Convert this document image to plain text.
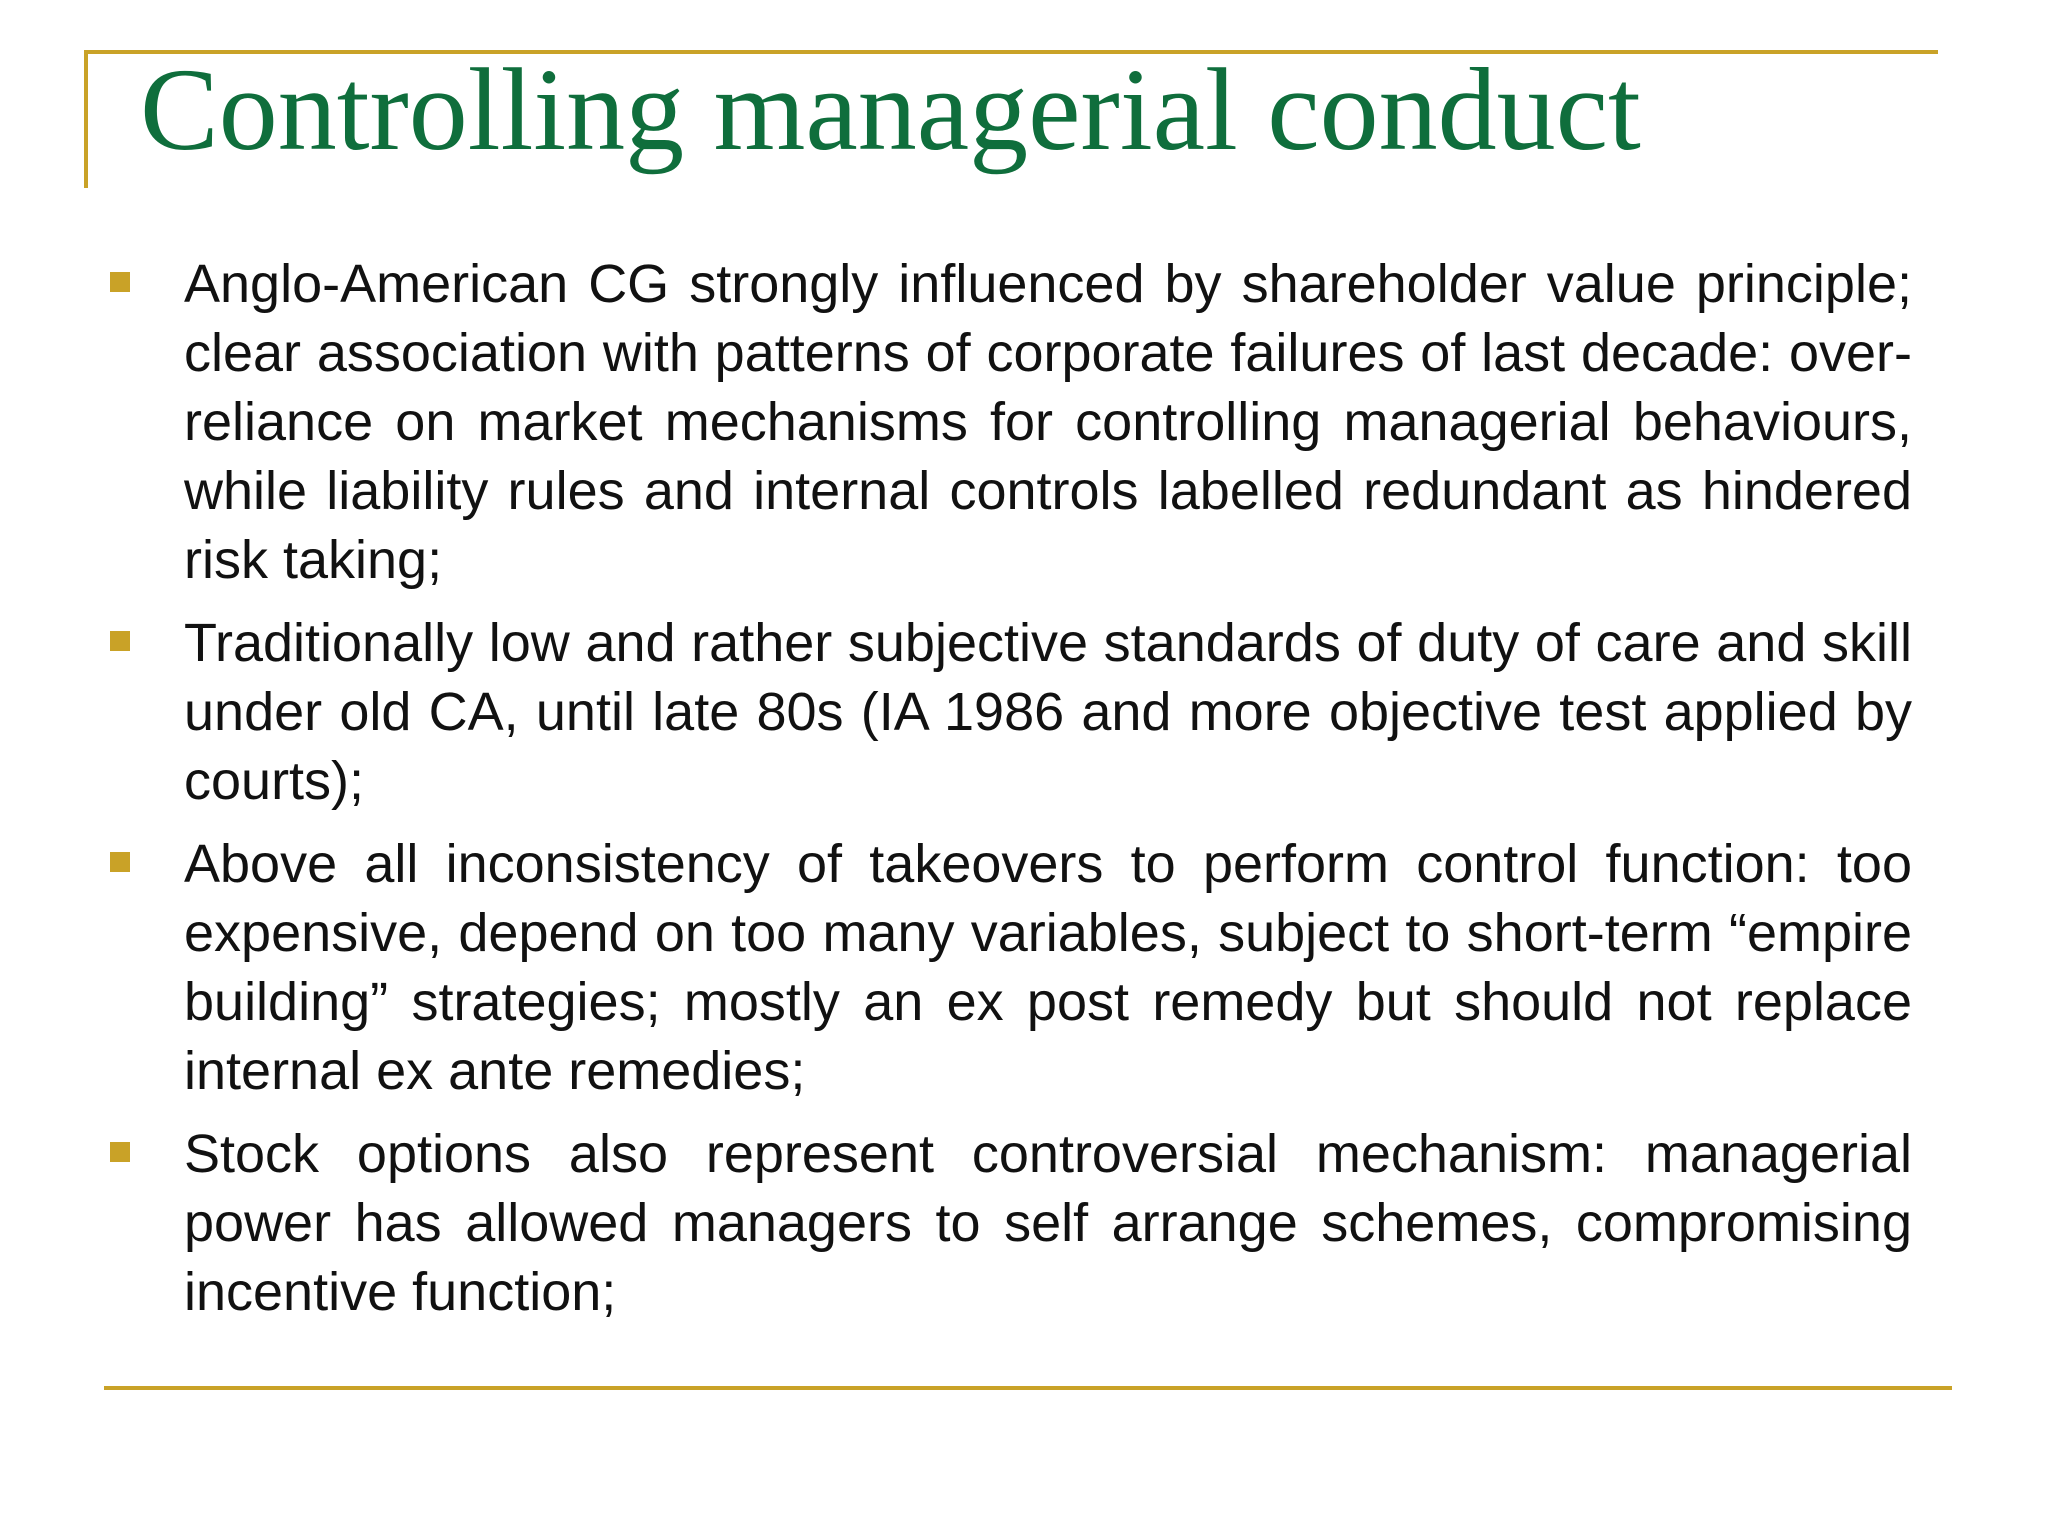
Controlling managerial conduct
Anglo-American CG strongly influenced by shareholder value principle; clear association with patterns of corporate failures of last decade: over-reliance on market mechanisms for controlling managerial behaviours, while liability rules and internal controls labelled redundant as hindered risk taking;
Traditionally low and rather subjective standards of duty of care and skill under old CA, until late 80s (IA 1986 and more objective test applied by courts);
Above all inconsistency of takeovers to perform control function: too expensive, depend on too many variables, subject to short-term “empire building” strategies; mostly an ex post remedy but should not replace internal ex ante remedies;
Stock options also represent controversial mechanism: managerial power has allowed managers to self arrange schemes, compromising incentive function;
